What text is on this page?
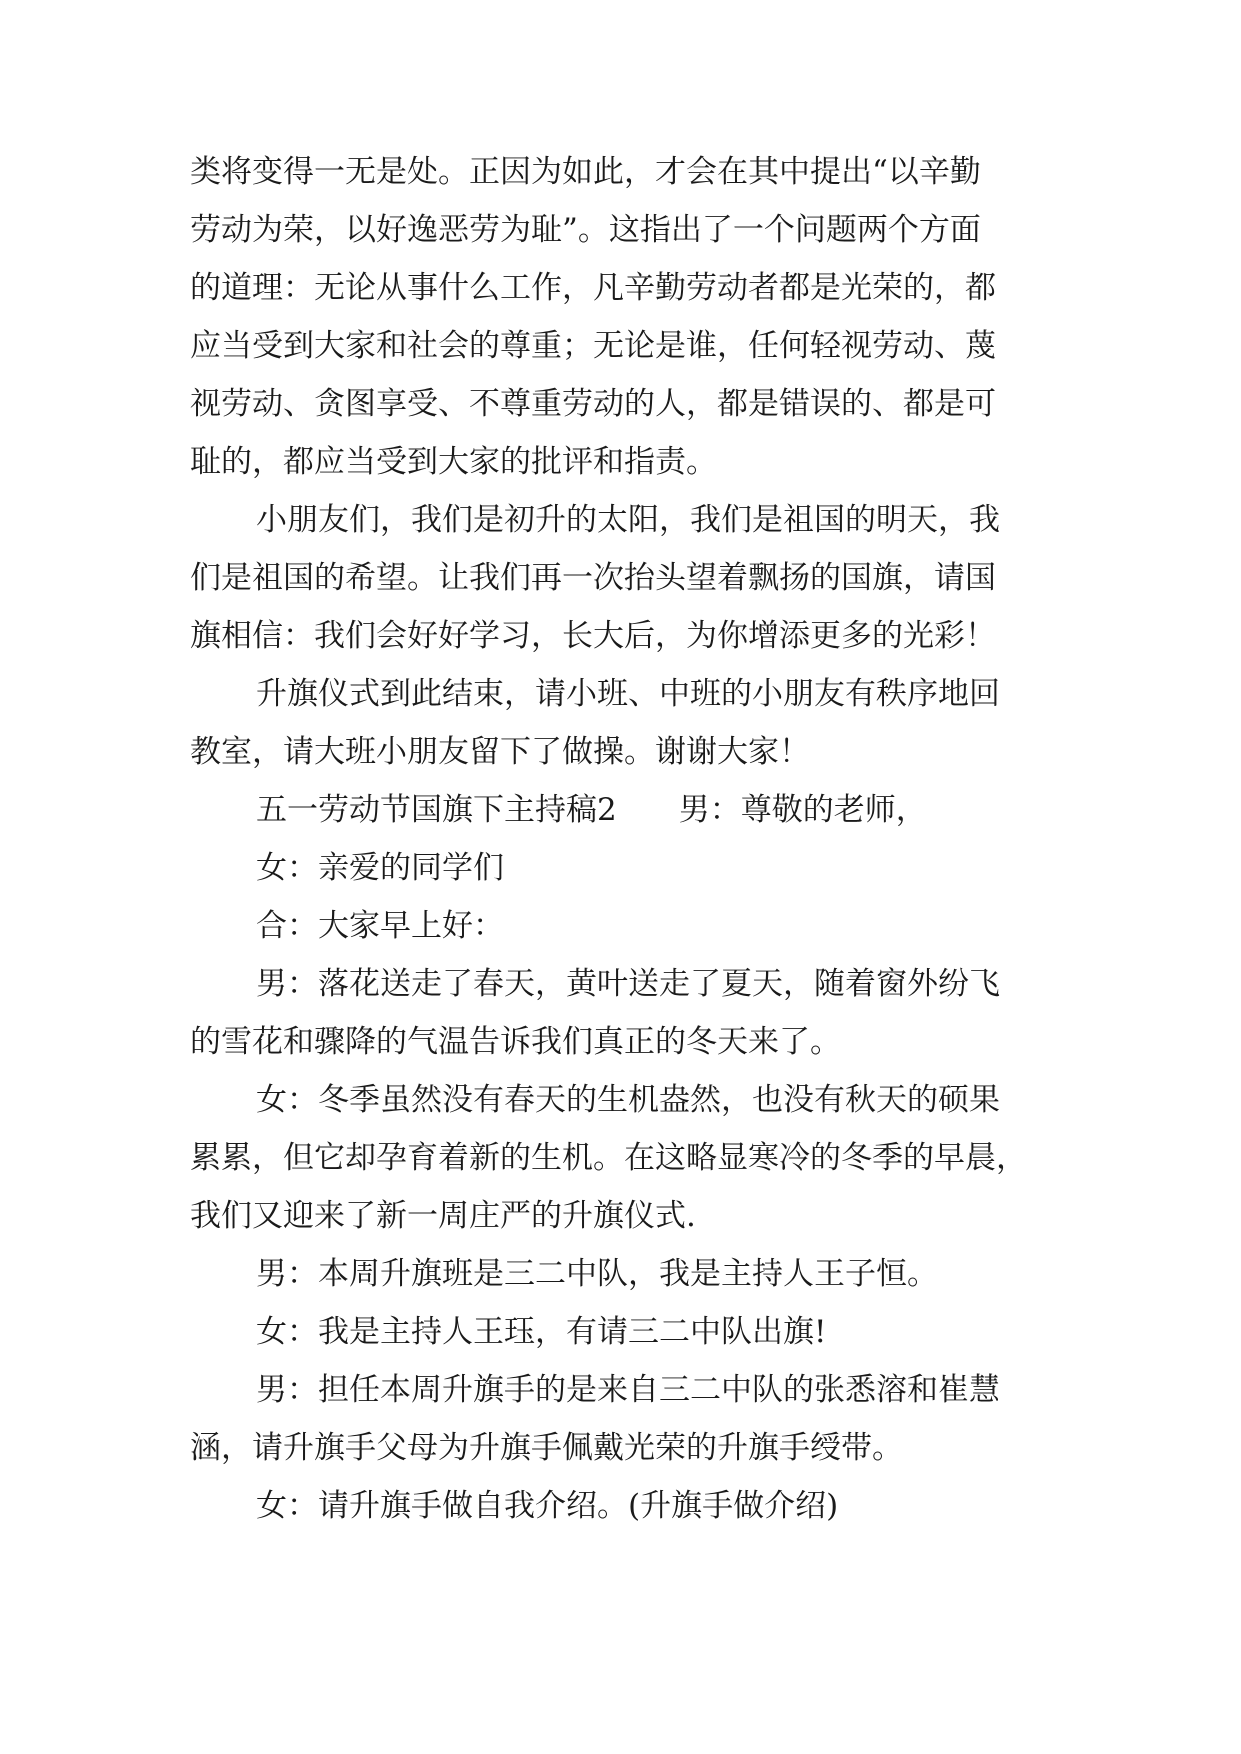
类将变得一无是处。正因为如此，才会在其中提出“以辛勤
劳动为荣，以好逸恶劳为耻”。这指出了一个问题两个方面
的道理：无论从事什么工作，凡辛勤劳动者都是光荣的，都
应当受到大家和社会的尊重；无论是谁，任何轻视劳动、蔑
视劳动、贪图享受、不尊重劳动的人，都是错误的、都是可
耻的，都应当受到大家的批评和指责。
小朋友们，我们是初升的太阳，我们是祖国的明天，我
们是祖国的希望。让我们再一次抬头望着飘扬的国旗，请国
旗相信：我们会好好学习，长大后，为你增添更多的光彩！
升旗仪式到此结束，请小班、中班的小朋友有秩序地回
教室，请大班小朋友留下了做操。谢谢大家！
五一劳动节国旗下主持稿2　　男：尊敬的老师，
女：亲爱的同学们
合：大家早上好：
男：落花送走了春天，黄叶送走了夏天，随着窗外纷飞
的雪花和骤降的气温告诉我们真正的冬天来了。
女：冬季虽然没有春天的生机盎然，也没有秋天的硕果
累累，但它却孕育着新的生机。在这略显寒冷的冬季的早晨，
我们又迎来了新一周庄严的升旗仪式.
男：本周升旗班是三二中队，我是主持人王子恒。
女：我是主持人王珏，有请三二中队出旗!
男：担任本周升旗手的是来自三二中队的张悉溶和崔慧
涵，请升旗手父母为升旗手佩戴光荣的升旗手绶带。
女：请升旗手做自我介绍。(升旗手做介绍)
